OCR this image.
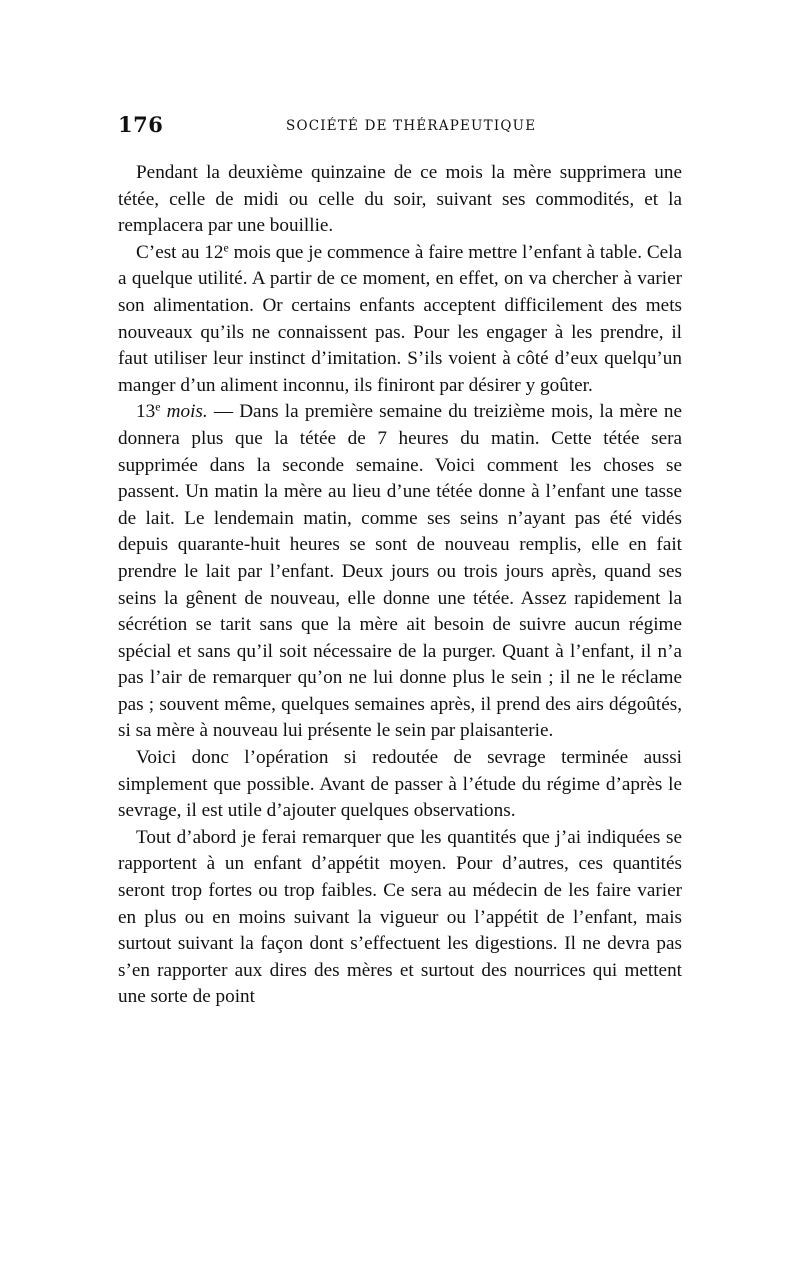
176	SOCIÉTÉ DE THÉRAPEUTIQUE

Pendant la deuxième quinzaine de ce mois la mère supprimera une tétée, celle de midi ou celle du soir, suivant ses commodités, et la remplacera par une bouillie.

C’est au 12e mois que je commence à faire mettre l’enfant à table. Cela a quelque utilité. A partir de ce moment, en effet, on va chercher à varier son alimentation. Or certains enfants acceptent difficilement des mets nouveaux qu’ils ne connaissent pas. Pour les engager à les prendre, il faut utiliser leur instinct d’imitation. S’ils voient à côté d’eux quelqu’un manger d’un aliment inconnu, ils finiront par désirer y goûter.

13e mois. — Dans la première semaine du treizième mois, la mère ne donnera plus que la tétée de 7 heures du matin. Cette tétée sera supprimée dans la seconde semaine. Voici comment les choses se passent. Un matin la mère au lieu d’une tétée donne à l’enfant une tasse de lait. Le lendemain matin, comme ses seins n’ayant pas été vidés depuis quarante-huit heures se sont de nouveau remplis, elle en fait prendre le lait par l’enfant. Deux jours ou trois jours après, quand ses seins la gênent de nouveau, elle donne une tétée. Assez rapidement la sécrétion se tarit sans que la mère ait besoin de suivre aucun régime spécial et sans qu’il soit nécessaire de la purger. Quant à l’enfant, il n’a pas l’air de remarquer qu’on ne lui donne plus le sein ; il ne le réclame pas ; souvent même, quelques semaines après, il prend des airs dégoûtés, si sa mère à nouveau lui présente le sein par plaisanterie.

Voici donc l’opération si redoutée de sevrage terminée aussi simplement que possible. Avant de passer à l’étude du régime d’après le sevrage, il est utile d’ajouter quelques observations.

Tout d’abord je ferai remarquer que les quantités que j’ai indiquées se rapportent à un enfant d’appétit moyen. Pour d’autres, ces quantités seront trop fortes ou trop faibles. Ce sera au médecin de les faire varier en plus ou en moins suivant la vigueur ou l’appétit de l’enfant, mais surtout suivant la façon dont s’effectuent les digestions. Il ne devra pas s’en rapporter aux dires des mères et surtout des nourrices qui mettent une sorte de point
